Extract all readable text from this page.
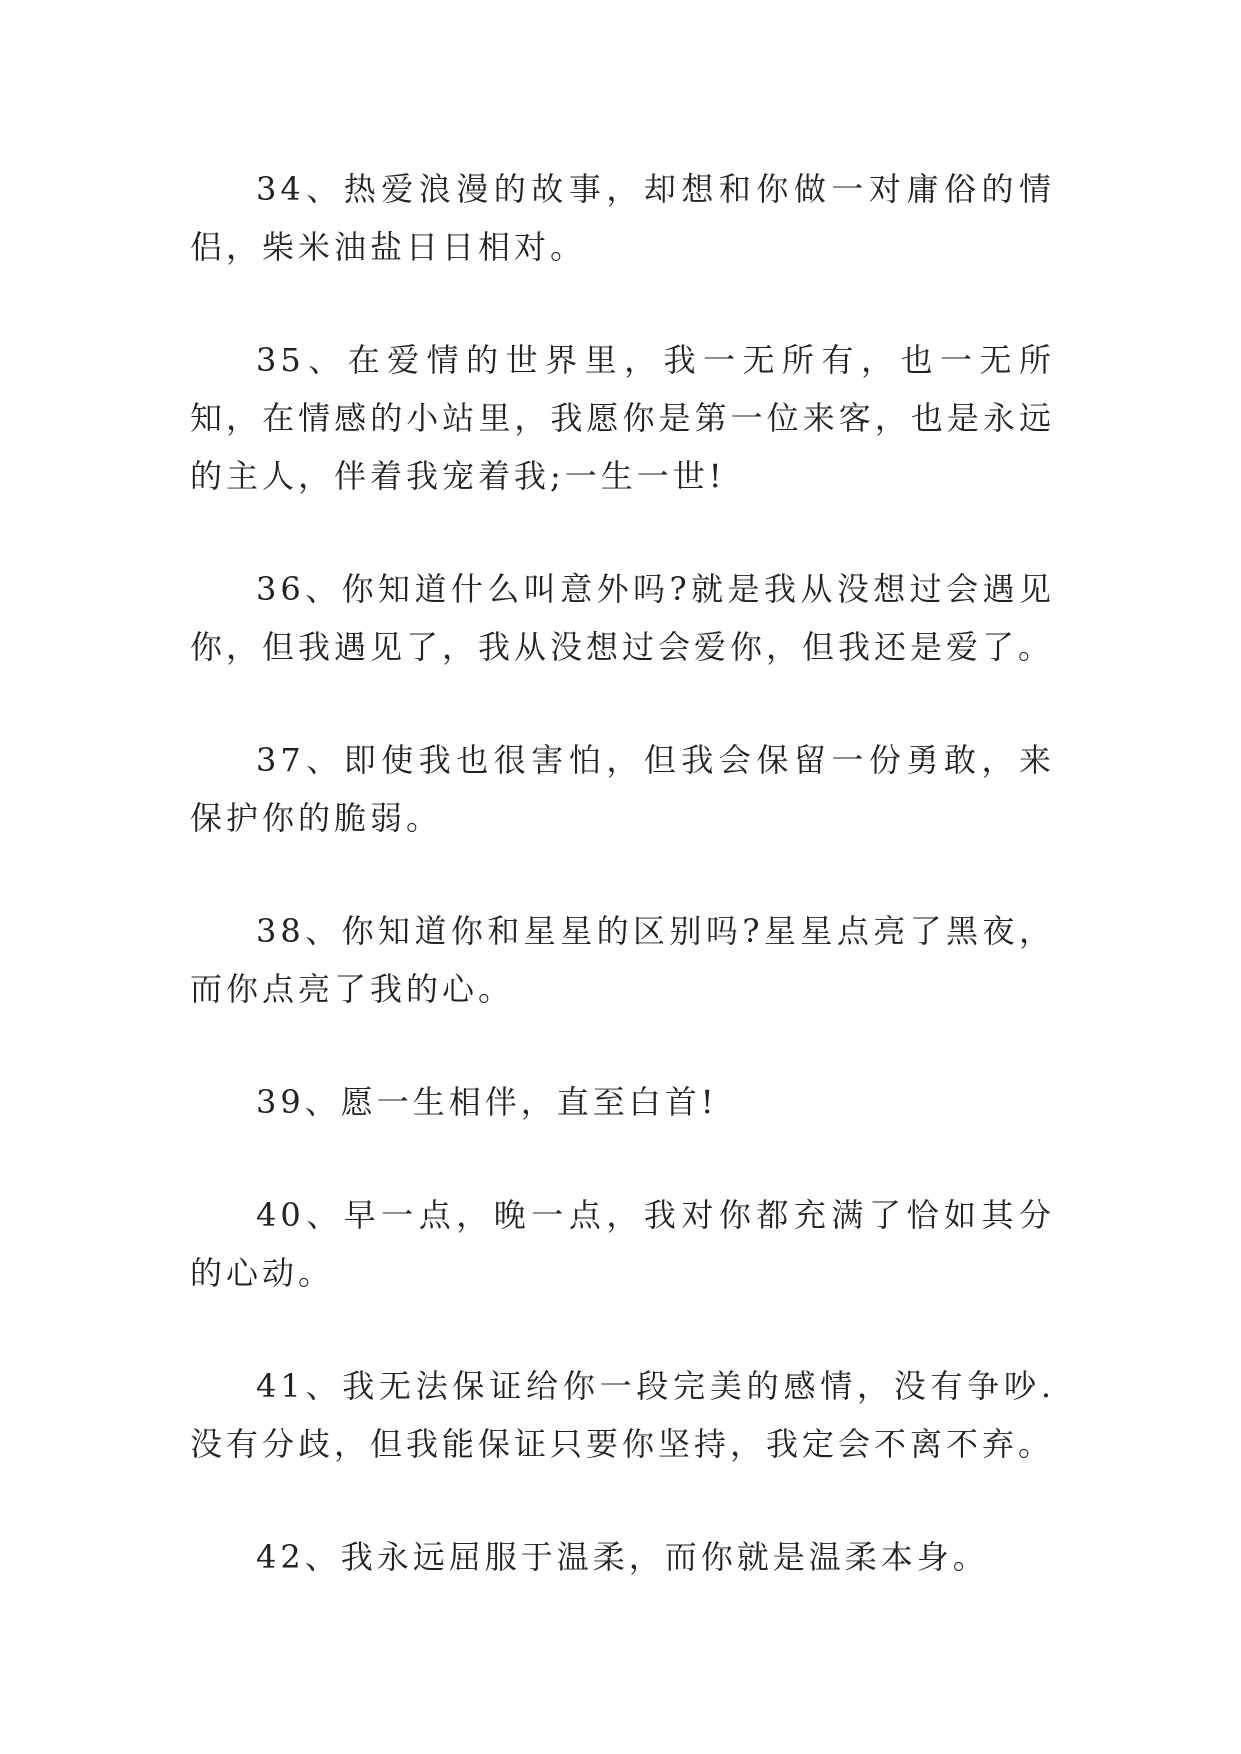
34、热爱浪漫的故事，却想和你做一对庸俗的情侣，柴米油盐日日相对。

35、在爱情的世界里，我一无所有，也一无所知，在情感的小站里，我愿你是第一位来客，也是永远的主人，伴着我宠着我;一生一世!

36、你知道什么叫意外吗?就是我从没想过会遇见你，但我遇见了，我从没想过会爱你，但我还是爱了。

37、即使我也很害怕，但我会保留一份勇敢，来保护你的脆弱。

38、你知道你和星星的区别吗?星星点亮了黑夜，而你点亮了我的心。

39、愿一生相伴，直至白首!

40、早一点，晚一点，我对你都充满了恰如其分的心动。

41、我无法保证给你一段完美的感情，没有争吵.没有分歧，但我能保证只要你坚持，我定会不离不弃。

42、我永远屈服于温柔，而你就是温柔本身。
